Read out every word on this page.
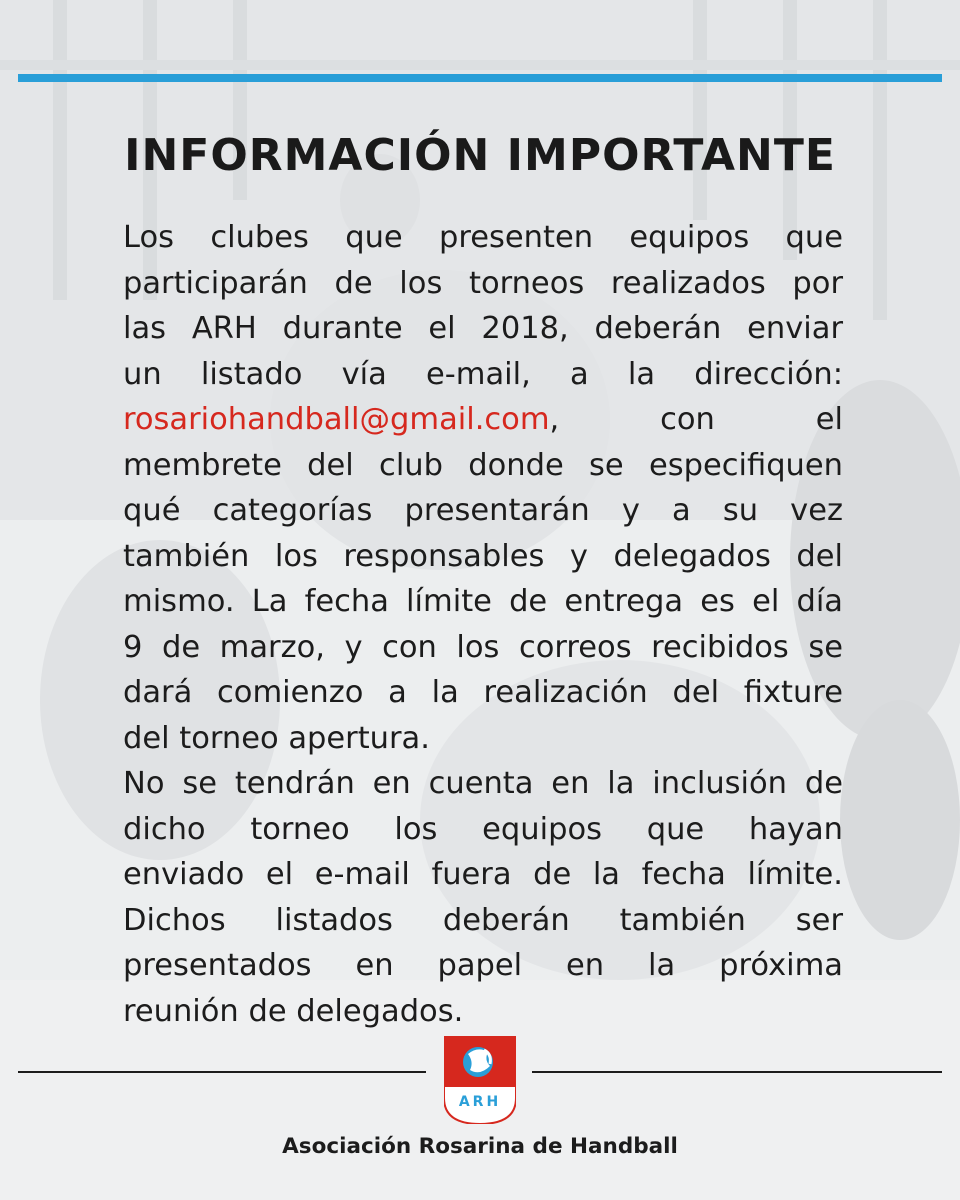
INFORMACIÓN IMPORTANTE
Los clubes que presenten equipos que
participarán de los torneos realizados por
las ARH durante el 2018, deberán enviar
un listado vía e-mail, a la dirección:
rosariohandball@gmail.com, con el
membrete del club donde se especifiquen
qué categorías presentarán y a su vez
también los responsables y delegados del
mismo. La fecha límite de entrega es el día
9 de marzo, y con los correos recibidos se
dará comienzo a la realización del fixture
del torneo apertura.
No se tendrán en cuenta en la inclusión de
dicho torneo los equipos que hayan
enviado el e-mail fuera de la fecha límite.
Dichos listados deberán también ser
presentados en papel en la próxima
reunión de delegados.
ARH
Asociación Rosarina de Handball
